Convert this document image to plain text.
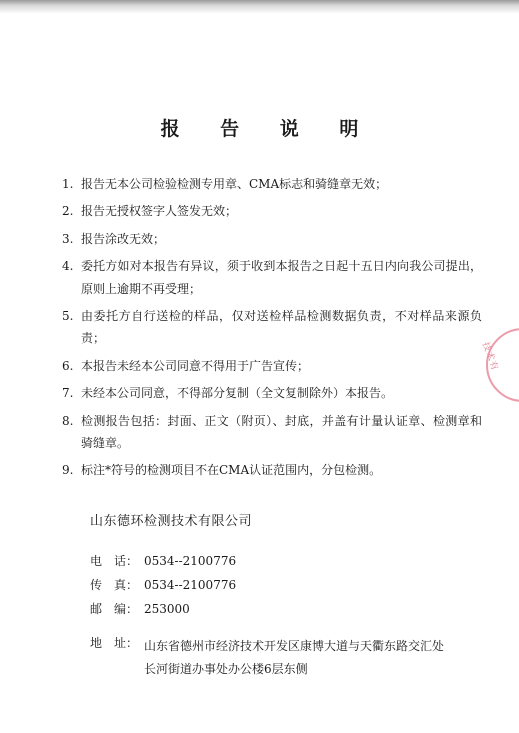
报 告 说 明
1. 报告无本公司检验检测专用章、CMA标志和骑缝章无效；
2. 报告无授权签字人签发无效；
3. 报告涂改无效；
4. 委托方如对本报告有异议，须于收到本报告之日起十五日内向我公司提出，原则上逾期不再受理；
5. 由委托方自行送检的样品，仅对送检样品检测数据负责，不对样品来源负责；
6. 本报告未经本公司同意不得用于广告宣传；
7. 未经本公司同意，不得部分复制（全文复制除外）本报告。
8. 检测报告包括：封面、正文（附页）、封底，并盖有计量认证章、检测章和骑缝章。
9. 标注*符号的检测项目不在CMA认证范围内，分包检测。
山东德环检测技术有限公司
电　话： 0534--2100776
传　真： 0534--2100776
邮　编： 253000
地　址： 山东省德州市经济技术开发区康博大道与天衢东路交汇处长河街道办事处办公楼6层东侧
技术有
